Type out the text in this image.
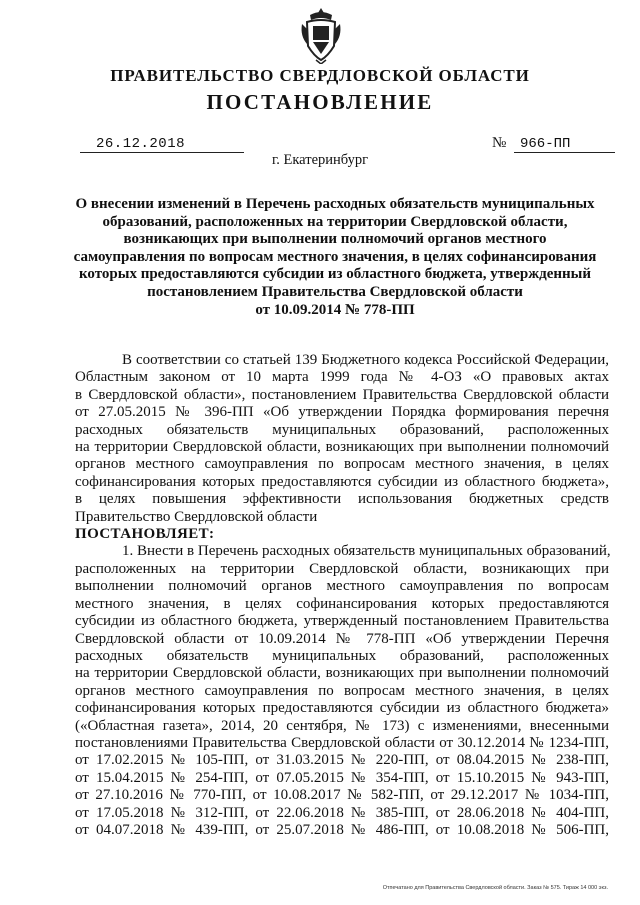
ПРАВИТЕЛЬСТВО СВЕРДЛОВСКОЙ ОБЛАСТИ
ПОСТАНОВЛЕНИЕ
26.12.2018	№ 966-ПП
г. Екатеринбург
О внесении изменений в Перечень расходных обязательств муниципальных
образований, расположенных на территории Свердловской области,
возникающих при выполнении полномочий органов местного
самоуправления по вопросам местного значения, в целях софинансирования
которых предоставляются субсидии из областного бюджета, утвержденный
постановлением Правительства Свердловской области
от 10.09.2014 № 778-ПП
В соответствии со статьей 139 Бюджетного кодекса Российской Федерации,
Областным законом от 10 марта 1999 года № 4-ОЗ «О правовых актах
в Свердловской области», постановлением Правительства Свердловской области
от 27.05.2015 № 396-ПП «Об утверждении Порядка формирования перечня
расходных обязательств муниципальных образований, расположенных
на территории Свердловской области, возникающих при выполнении полномочий
органов местного самоуправления по вопросам местного значения, в целях
софинансирования которых предоставляются субсидии из областного бюджета»,
в целях повышения эффективности использования бюджетных средств
Правительство Свердловской области
ПОСТАНОВЛЯЕТ:
1. Внести в Перечень расходных обязательств муниципальных образований,
расположенных на территории Свердловской области, возникающих при
выполнении полномочий органов местного самоуправления по вопросам
местного значения, в целях софинансирования которых предоставляются
субсидии из областного бюджета, утвержденный постановлением Правительства
Свердловской области от 10.09.2014 № 778-ПП «Об утверждении Перечня
расходных обязательств муниципальных образований, расположенных
на территории Свердловской области, возникающих при выполнении полномочий
органов местного самоуправления по вопросам местного значения, в целях
софинансирования которых предоставляются субсидии из областного бюджета»
(«Областная газета», 2014, 20 сентября, № 173) с изменениями, внесенными
постановлениями Правительства Свердловской области от 30.12.2014 № 1234-ПП,
от 17.02.2015 № 105-ПП, от 31.03.2015 № 220-ПП, от 08.04.2015 № 238-ПП,
от 15.04.2015 № 254-ПП, от 07.05.2015 № 354-ПП, от 15.10.2015 № 943-ПП,
от 27.10.2016 № 770-ПП, от 10.08.2017 № 582-ПП, от 29.12.2017 № 1034-ПП,
от 17.05.2018 № 312-ПП, от 22.06.2018 № 385-ПП, от 28.06.2018 № 404-ПП,
от 04.07.2018 № 439-ПП, от 25.07.2018 № 486-ПП, от 10.08.2018 № 506-ПП,
Отпечатано для Правительства Свердловской области. Заказ № 575. Тираж 14 000 экз.
